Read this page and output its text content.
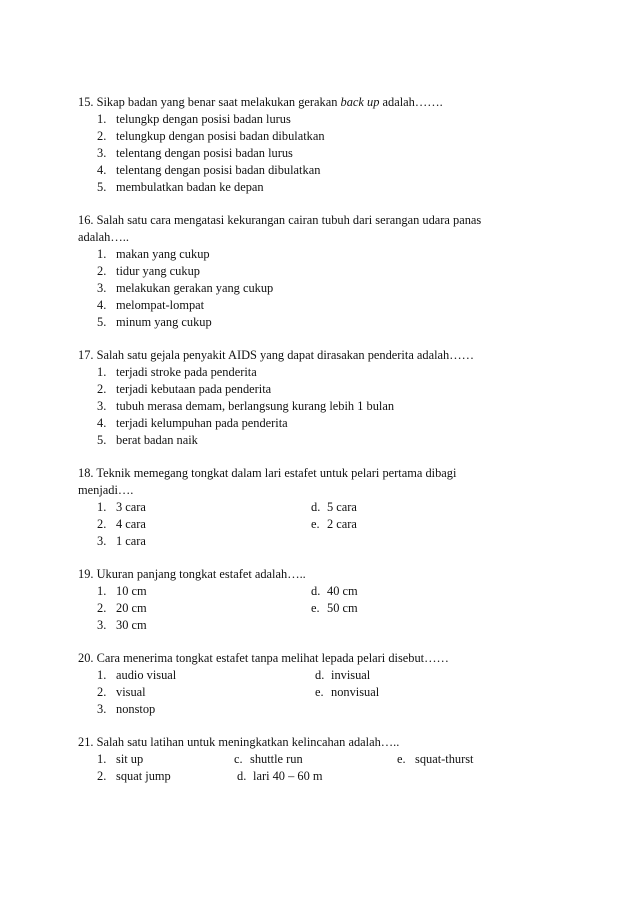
15. Sikap badan yang benar saat melakukan gerakan back up adalah…….

1. telungkp dengan posisi badan lurus
2. telungkup dengan posisi badan dibulatkan
3. telentang dengan posisi badan lurus
4. telentang dengan posisi badan dibulatkan
5. membulatkan badan ke depan

16. Salah satu cara mengatasi kekurangan cairan tubuh dari serangan udara panas
adalah…..

1. makan yang cukup
2. tidur yang cukup
3. melakukan gerakan yang cukup
4. melompat-lompat
5. minum yang cukup

17. Salah satu gejala penyakit AIDS yang dapat dirasakan penderita adalah……

1. terjadi stroke pada penderita
2. terjadi kebutaan pada penderita
3. tubuh merasa demam, berlangsung kurang lebih 1 bulan
4. terjadi kelumpuhan pada penderita
5. berat badan naik

18. Teknik memegang tongkat dalam lari estafet untuk pelari pertama dibagi
menjadi….

1. 3 cara	d. 5 cara
2. 4 cara	e. 2 cara
3. 1 cara

19. Ukuran panjang tongkat estafet adalah…..

1. 10 cm	d. 40 cm
2. 20 cm	e. 50 cm
3. 30 cm

20. Cara menerima tongkat estafet tanpa melihat lepada pelari disebut……

1. audio visual	d. invisual
2. visual	e. nonvisual
3. nonstop

21. Salah satu latihan untuk meningkatkan kelincahan adalah…..

1. sit up	c. shuttle run	e. squat-thurst
2. squat jump	d. lari 40 – 60 m
